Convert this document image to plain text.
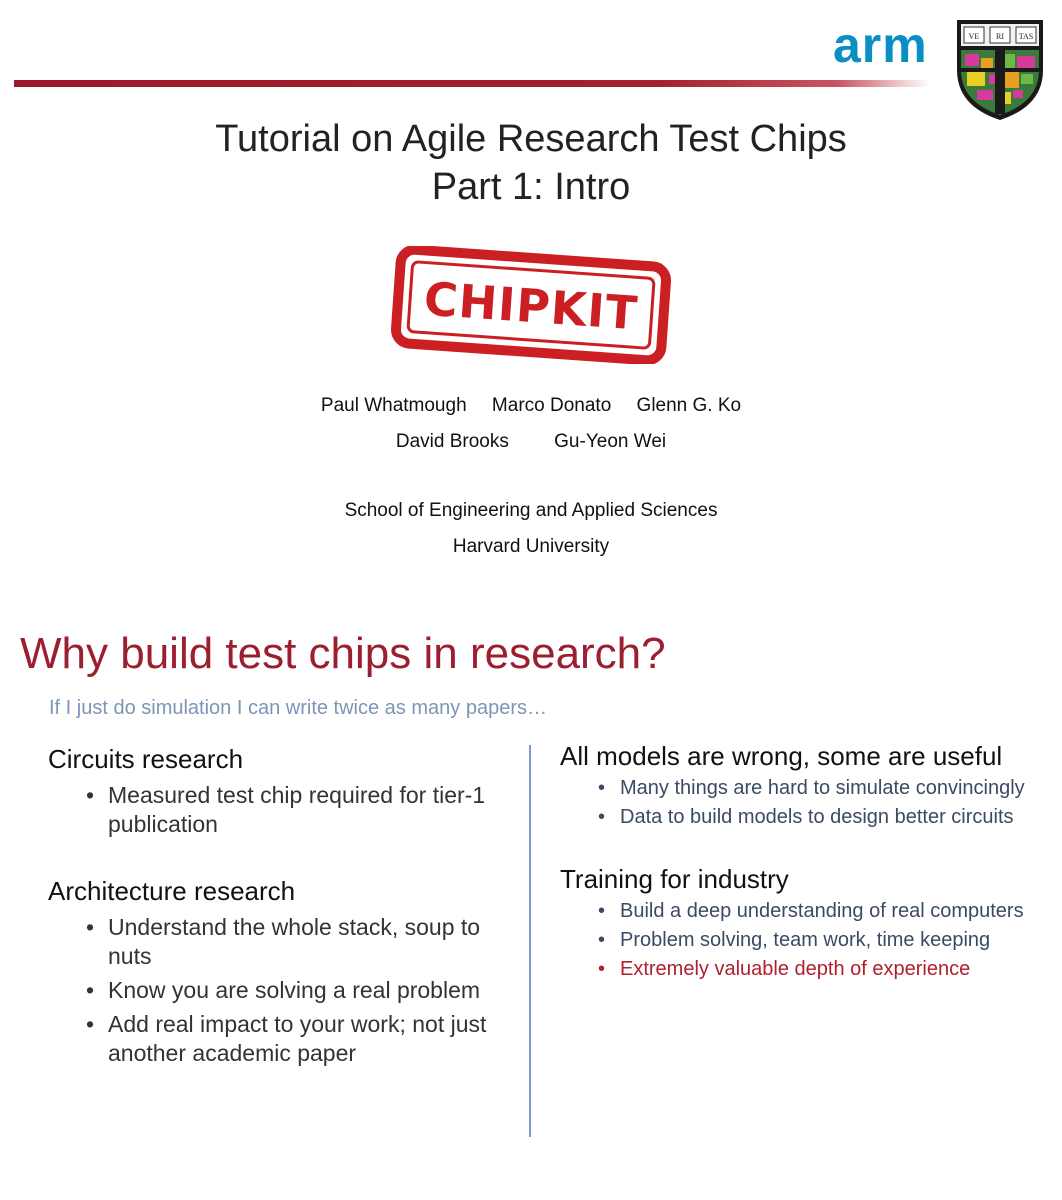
arm	VE RI TAS
Tutorial on Agile Research Test Chips
Part 1: Intro
CHIPKIT
Paul Whatmough Marco Donato Glenn G. Ko
David Brooks Gu-Yeon Wei
School of Engineering and Applied Sciences
Harvard University
Why build test chips in research?
If I just do simulation I can write twice as many papers…
Circuits research
• Measured test chip required for tier-1 publication
Architecture research
• Understand the whole stack, soup to nuts
• Know you are solving a real problem
• Add real impact to your work; not just another academic paper
All models are wrong, some are useful
• Many things are hard to simulate convincingly
• Data to build models to design better circuits
Training for industry
• Build a deep understanding of real computers
• Problem solving, team work, time keeping
• Extremely valuable depth of experience
